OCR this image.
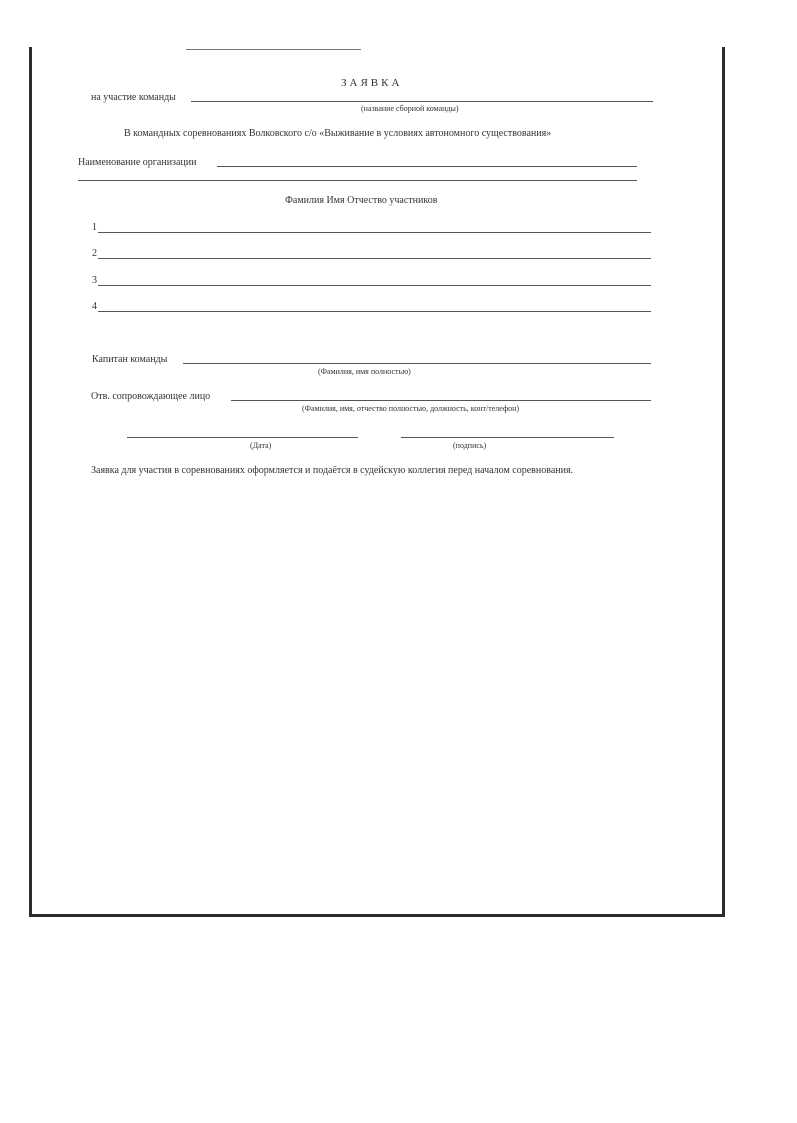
ЗАЯВКА
на участие команды
(название сборной команды)
В командных соревнованиях Волковского с/о «Выживание в условиях автономного существования»
Наименование организации
Фамилия Имя Отчество участников
1
2
3
4
Капитан команды
(Фамилия, имя полностью)
Отв. сопровождающее лицо
(Фамилия, имя, отчество полностью, должность, конт/телефон)
(Дата)	(подпись)
Заявка для участия в соревнованиях оформляется и подаётся в судейскую коллегия перед началом соревнования.
